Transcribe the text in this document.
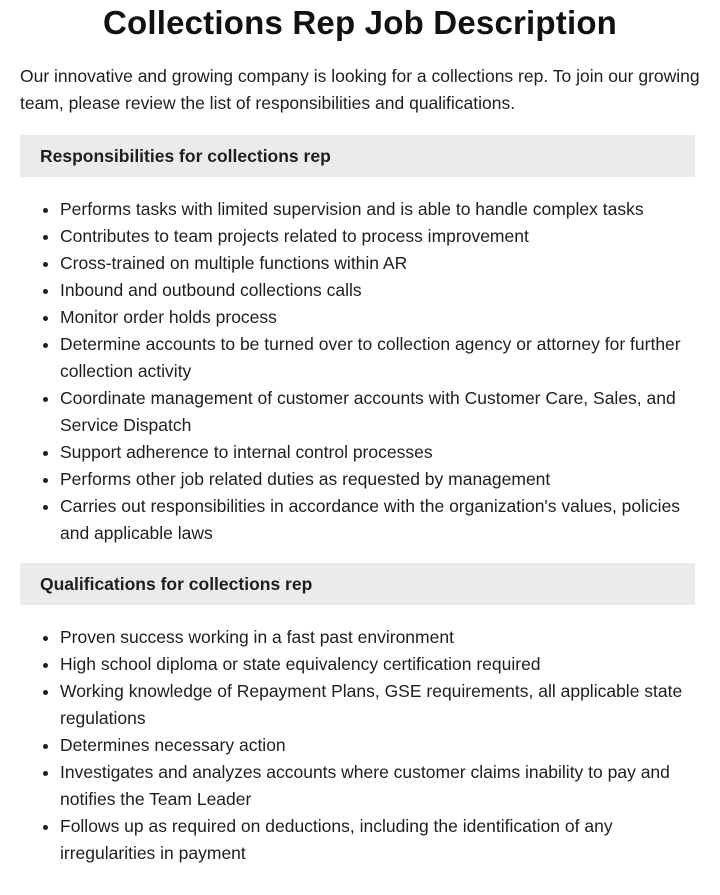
Collections Rep Job Description

Our innovative and growing company is looking for a collections rep. To join our growing team, please review the list of responsibilities and qualifications.

Responsibilities for collections rep
• Performs tasks with limited supervision and is able to handle complex tasks
• Contributes to team projects related to process improvement
• Cross-trained on multiple functions within AR
• Inbound and outbound collections calls
• Monitor order holds process
• Determine accounts to be turned over to collection agency or attorney for further collection activity
• Coordinate management of customer accounts with Customer Care, Sales, and Service Dispatch
• Support adherence to internal control processes
• Performs other job related duties as requested by management
• Carries out responsibilities in accordance with the organization's values, policies and applicable laws
Qualifications for collections rep
• Proven success working in a fast past environment
• High school diploma or state equivalency certification required
• Working knowledge of Repayment Plans, GSE requirements, all applicable state regulations
• Determines necessary action
• Investigates and analyzes accounts where customer claims inability to pay and notifies the Team Leader
• Follows up as required on deductions, including the identification of any irregularities in payment
